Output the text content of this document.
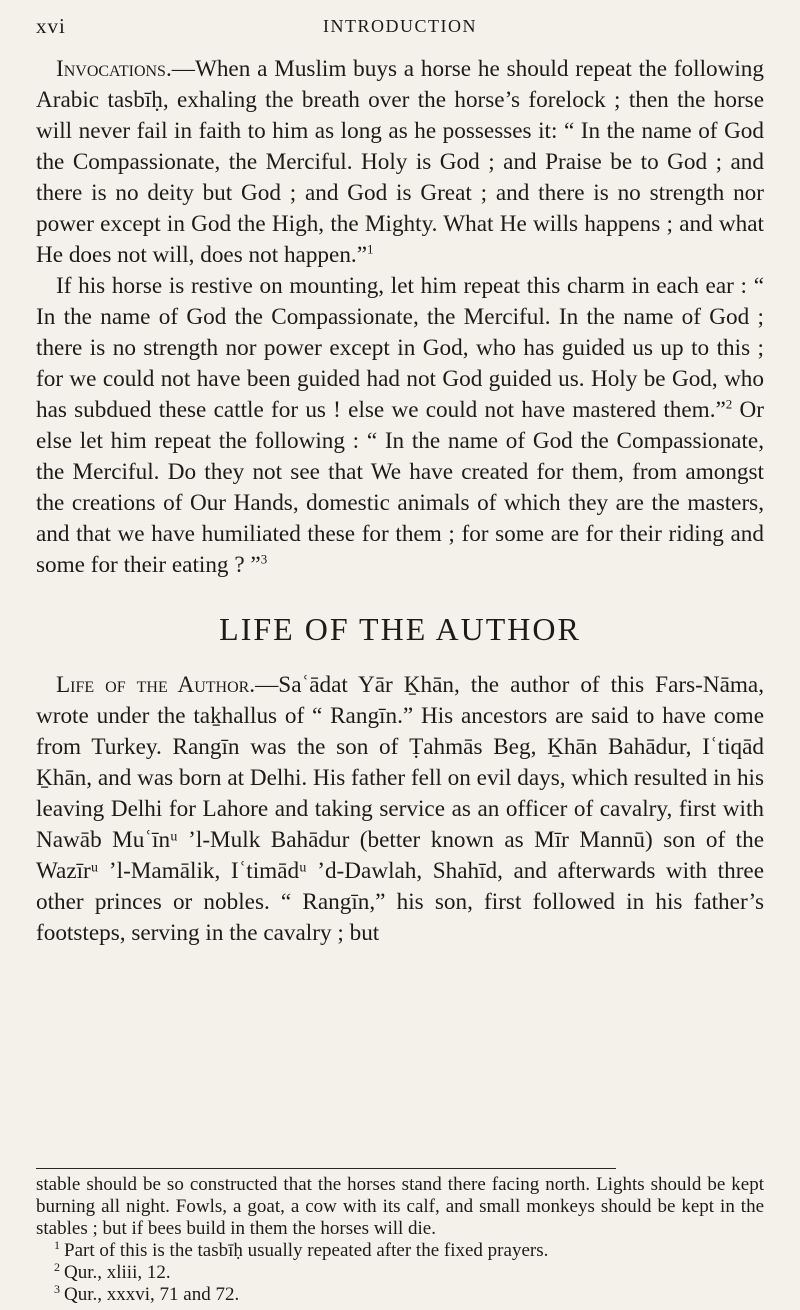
xvi	INTRODUCTION

Invocations.—When a Muslim buys a horse he should repeat the following Arabic tasbīḥ, exhaling the breath over the horse’s forelock ; then the horse will never fail in faith to him as long as he possesses it: “ In the name of God the Compassionate, the Merciful. Holy is God ; and Praise be to God ; and there is no deity but God ; and God is Great ; and there is no strength nor power except in God the High, the Mighty. What He wills happens ; and what He does not will, does not happen.”$^1$

If his horse is restive on mounting, let him repeat this charm in each ear : “ In the name of God the Compassionate, the Merciful. In the name of God ; there is no strength nor power except in God, who has guided us up to this ; for we could not have been guided had not God guided us. Holy be God, who has subdued these cattle for us ! else we could not have mastered them.”$^2$ Or else let him repeat the following : “ In the name of God the Compassionate, the Merciful. Do they not see that We have created for them, from amongst the creations of Our Hands, domestic animals of which they are the masters, and that we have humiliated these for them ; for some are for their riding and some for their eating ? ”$^3$

LIFE OF THE AUTHOR

Life of the Author.—Saʿādat Yār Ḵhān, the author of this Fars-Nāma, wrote under the taḵhallus of “ Rangīn.” His ancestors are said to have come from Turkey. Rangīn was the son of Ṭahmās Beg, Ḵhān Bahādur, Iʿtiqād Ḵhān, and was born at Delhi. His father fell on evil days, which resulted in his leaving Delhi for Lahore and taking service as an officer of cavalry, first with Nawāb Muʿīnᵘ ’l-Mulk Bahādur (better known as Mīr Mannū) son of the Wazīrᵘ ’l-Mamālik, Iʿtimādᵘ ’d-Dawlah, Shahīd, and afterwards with three other princes or nobles. “ Rangīn,” his son, first followed in his father’s footsteps, serving in the cavalry ; but

stable should be so constructed that the horses stand there facing north. Lights should be kept burning all night. Fowls, a goat, a cow with its calf, and small monkeys should be kept in the stables ; but if bees build in them the horses will die.

$^1$ Part of this is the tasbīḥ usually repeated after the fixed prayers.

$^2$ Qur., xliii, 12.

$^3$ Qur., xxxvi, 71 and 72.
